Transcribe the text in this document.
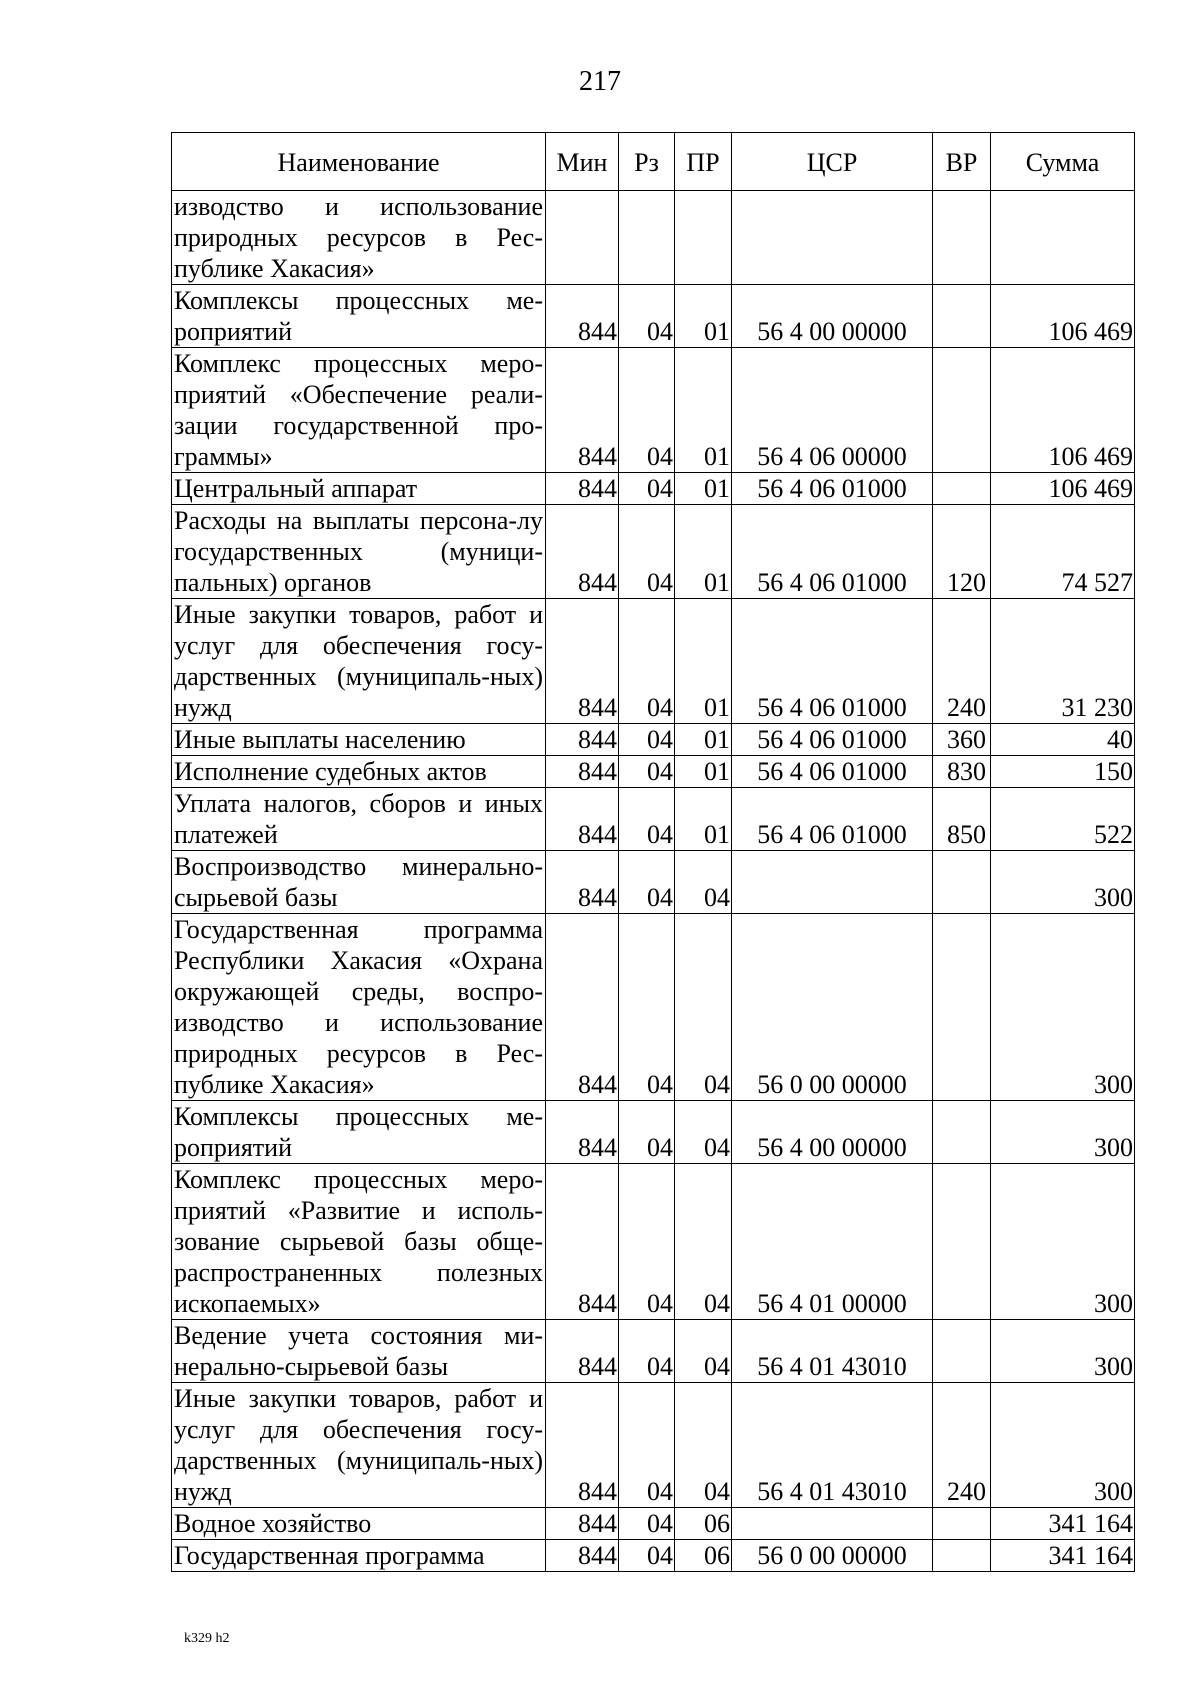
217
Наименование	Мин	Рз	ПР	ЦСР	ВР	Сумма
изводство и использование природных ресурсов в Рес-публике Хакасия»						
Комплексы процессных ме-роприятий	844	04	01	56 4 00 00000		106 469
Комплекс процессных меро-приятий «Обеспечение реали-зации государственной про-граммы»	844	04	01	56 4 06 00000		106 469
Центральный аппарат	844	04	01	56 4 06 01000		106 469
Расходы на выплаты персона-лу государственных (муници-пальных) органов	844	04	01	56 4 06 01000	120	74 527
Иные закупки товаров, работ и услуг для обеспечения госу-дарственных (муниципаль-ных) нужд	844	04	01	56 4 06 01000	240	31 230
Иные выплаты населению	844	04	01	56 4 06 01000	360	40
Исполнение судебных актов	844	04	01	56 4 06 01000	830	150
Уплата налогов, сборов и иных платежей	844	04	01	56 4 06 01000	850	522
Воспроизводство минерально-сырьевой базы	844	04	04			300
Государственная программа Республики Хакасия «Охрана окружающей среды, воспро-изводство и использование природных ресурсов в Рес-публике Хакасия»	844	04	04	56 0 00 00000		300
Комплексы процессных ме-роприятий	844	04	04	56 4 00 00000		300
Комплекс процессных меро-приятий «Развитие и исполь-зование сырьевой базы обще-распространенных полезных ископаемых»	844	04	04	56 4 01 00000		300
Ведение учета состояния ми-нерально-сырьевой базы	844	04	04	56 4 01 43010		300
Иные закупки товаров, работ и услуг для обеспечения госу-дарственных (муниципаль-ных) нужд	844	04	04	56 4 01 43010	240	300
Водное хозяйство	844	04	06			341 164
Государственная программа	844	04	06	56 0 00 00000		341 164
k329 h2
